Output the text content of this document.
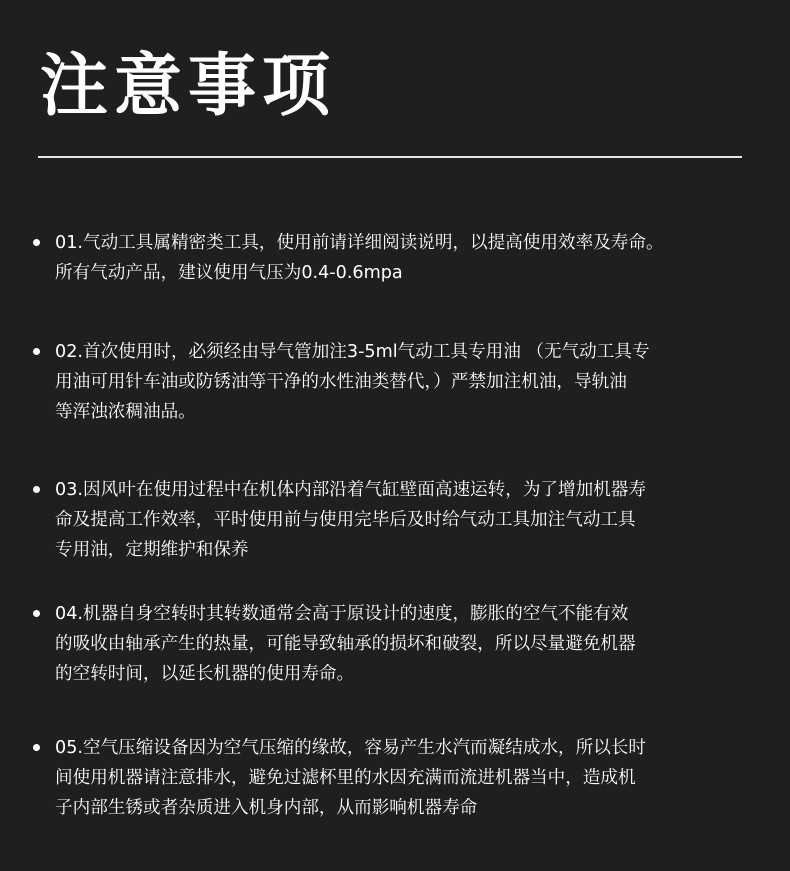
注意事项
01.气动工具属精密类工具，使用前请详细阅读说明，以提高使用效率及寿命。
所有气动产品，建议使用气压为0.4-0.6mpa
02.首次使用时，必须经由导气管加注3-5ml气动工具专用油 （无气动工具专
用油可用针车油或防锈油等干净的水性油类替代，）严禁加注机油，导轨油
等浑浊浓稠油品。
03.因风叶在使用过程中在机体内部沿着气缸壁面高速运转，为了增加机器寿
命及提高工作效率，平时使用前与使用完毕后及时给气动工具加注气动工具
专用油，定期维护和保养
04.机器自身空转时其转数通常会高于原设计的速度，膨胀的空气不能有效
的吸收由轴承产生的热量，可能导致轴承的损坏和破裂，所以尽量避免机器
的空转时间，以延长机器的使用寿命。
05.空气压缩设备因为空气压缩的缘故，容易产生水汽而凝结成水，所以长时
间使用机器请注意排水，避免过滤杯里的水因充满而流进机器当中，造成机
子内部生锈或者杂质进入机身内部，从而影响机器寿命
